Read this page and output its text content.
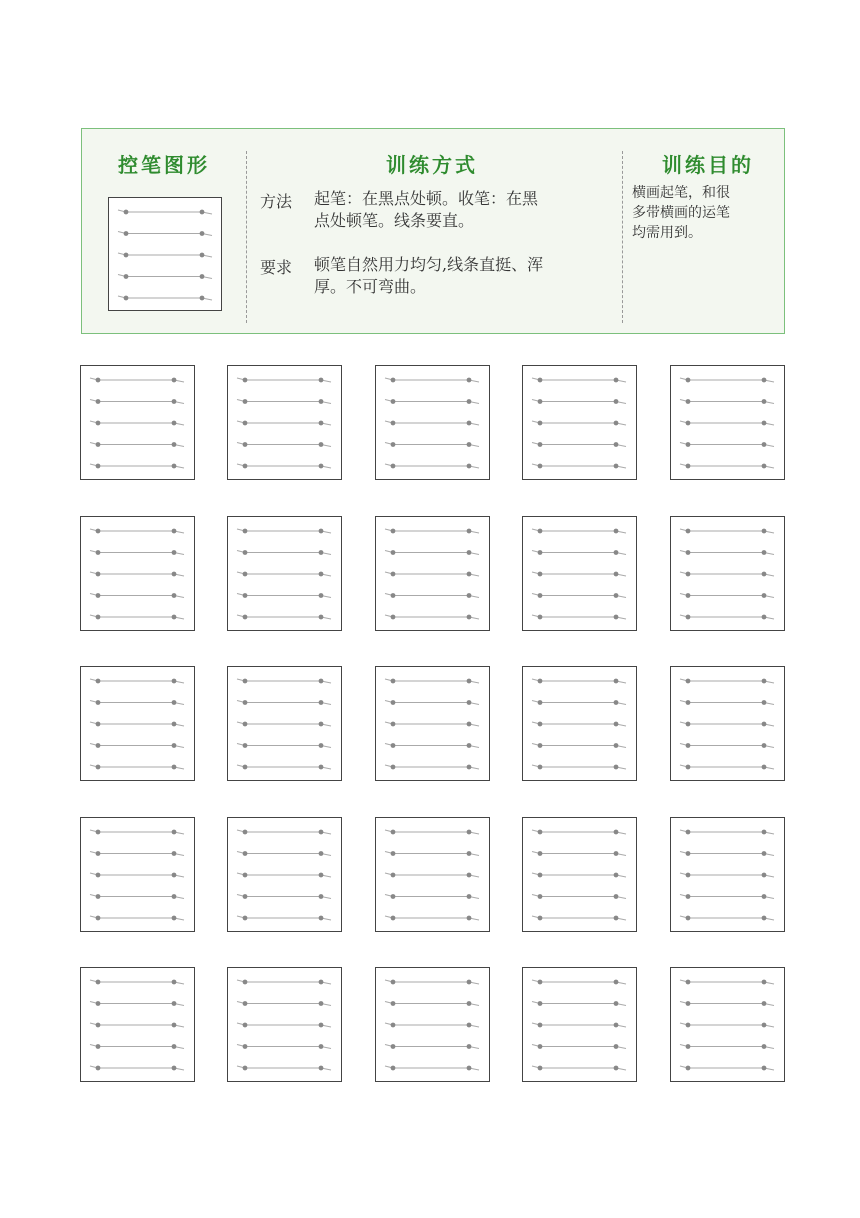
控笔图形	训练方式
方法 起笔：在黑点处顿。收笔：在黑
点处顿笔。线条要直。
要求 顿笔自然用力均匀,线条直挺、浑
厚。不可弯曲。
训练目的
横画起笔，和很
多带横画的运笔
均需用到。
